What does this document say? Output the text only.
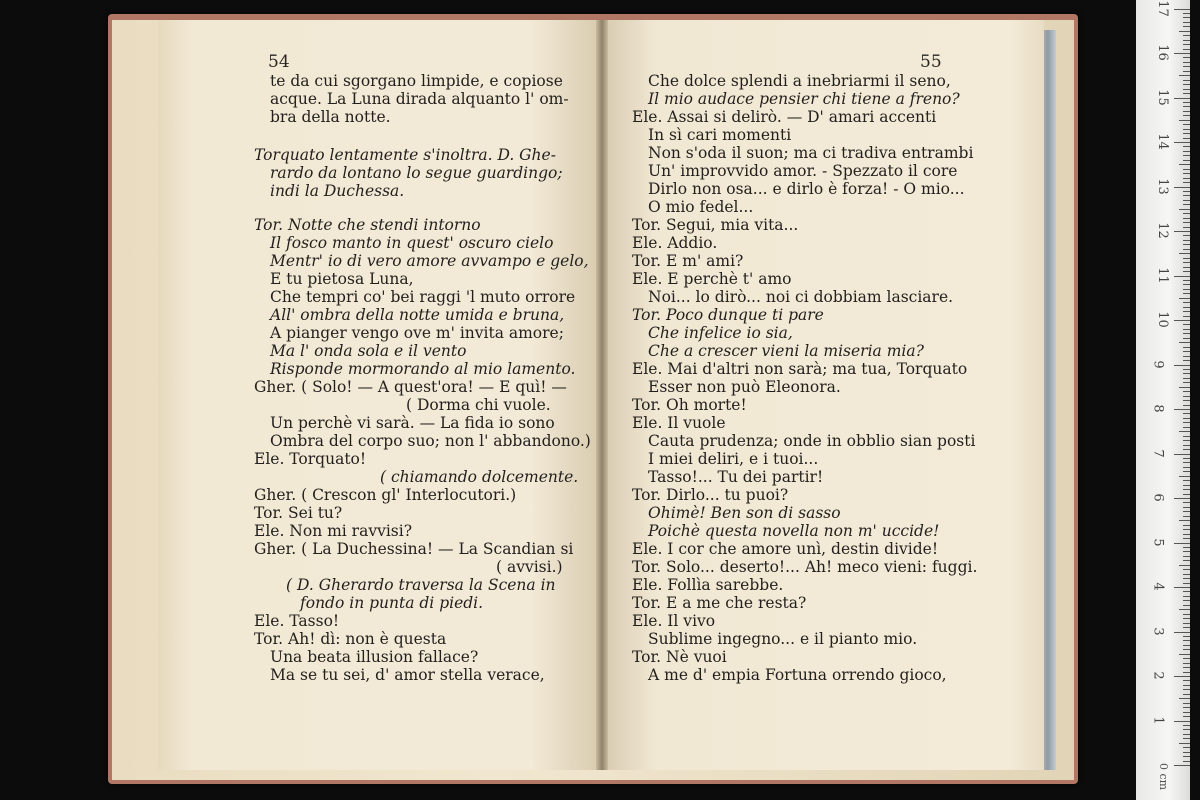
54	55
te da cui sgorgano limpide, e copiose
acque. La Luna dirada alquanto l' om-
bra della notte.
Torquato lentamente s'inoltra. D. Ghe-
rardo da lontano lo segue guardingo;
indi la Duchessa.
Tor. Notte che stendi intorno
Il fosco manto in quest' oscuro cielo
Mentr' io di vero amore avvampo e gelo,
E tu pietosa Luna,
Che tempri co' bei raggi 'l muto orrore
All' ombra della notte umida e bruna,
A pianger vengo ove m' invita amore;
Ma l' onda sola e il vento
Risponde mormorando al mio lamento.
Gher. ( Solo! — A quest'ora! — E quì! —
( Dorma chi vuole.
Un perchè vi sarà. — La fida io sono
Ombra del corpo suo; non l' abbandono.)
Ele. Torquato!
( chiamando dolcemente.
Gher. ( Crescon gl' Interlocutori.)
Tor. Sei tu?
Ele. Non mi ravvisi?
Gher. ( La Duchessina! — La Scandian si
( avvisi.)
( D. Gherardo traversa la Scena in
fondo in punta di piedi.
Ele. Tasso!
Tor. Ah! dì: non è questa
Una beata illusion fallace?
Ma se tu sei, d' amor stella verace,
Che dolce splendi a inebriarmi il seno,
Il mio audace pensier chi tiene a freno?
Ele. Assai si delirò. — D' amari accenti
In sì cari momenti
Non s'oda il suon; ma ci tradiva entrambi
Un' improvvido amor. - Spezzato il core
Dirlo non osa... e dirlo è forza! - O mio...
O mio fedel...
Tor. Segui, mia vita...
Ele. Addio.
Tor. E m' ami?
Ele. E perchè t' amo
Noi... lo dirò... noi ci dobbiam lasciare.
Tor. Poco dunque ti pare
Che infelice io sia,
Che a crescer vieni la miseria mia?
Ele. Mai d'altri non sarà; ma tua, Torquato
Esser non può Eleonora.
Tor. Oh morte!
Ele. Il vuole
Cauta prudenza; onde in obblio sian posti
I miei deliri, e i tuoi...
Tasso!... Tu dei partir!
Tor. Dirlo... tu puoi?
Ohimè! Ben son di sasso
Poichè questa novella non m' uccide!
Ele. I cor che amore unì, destin divide!
Tor. Solo... deserto!... Ah! meco vieni: fuggi.
Ele. Follìa sarebbe.
Tor. E a me che resta?
Ele. Il vivo
Sublime ingegno... e il pianto mio.
Tor. Nè vuoi
A me d' empia Fortuna orrendo gioco,
1
2
3
4
5
6
7
8
9
10
11
12
13
14
15
16
17
0 cm
